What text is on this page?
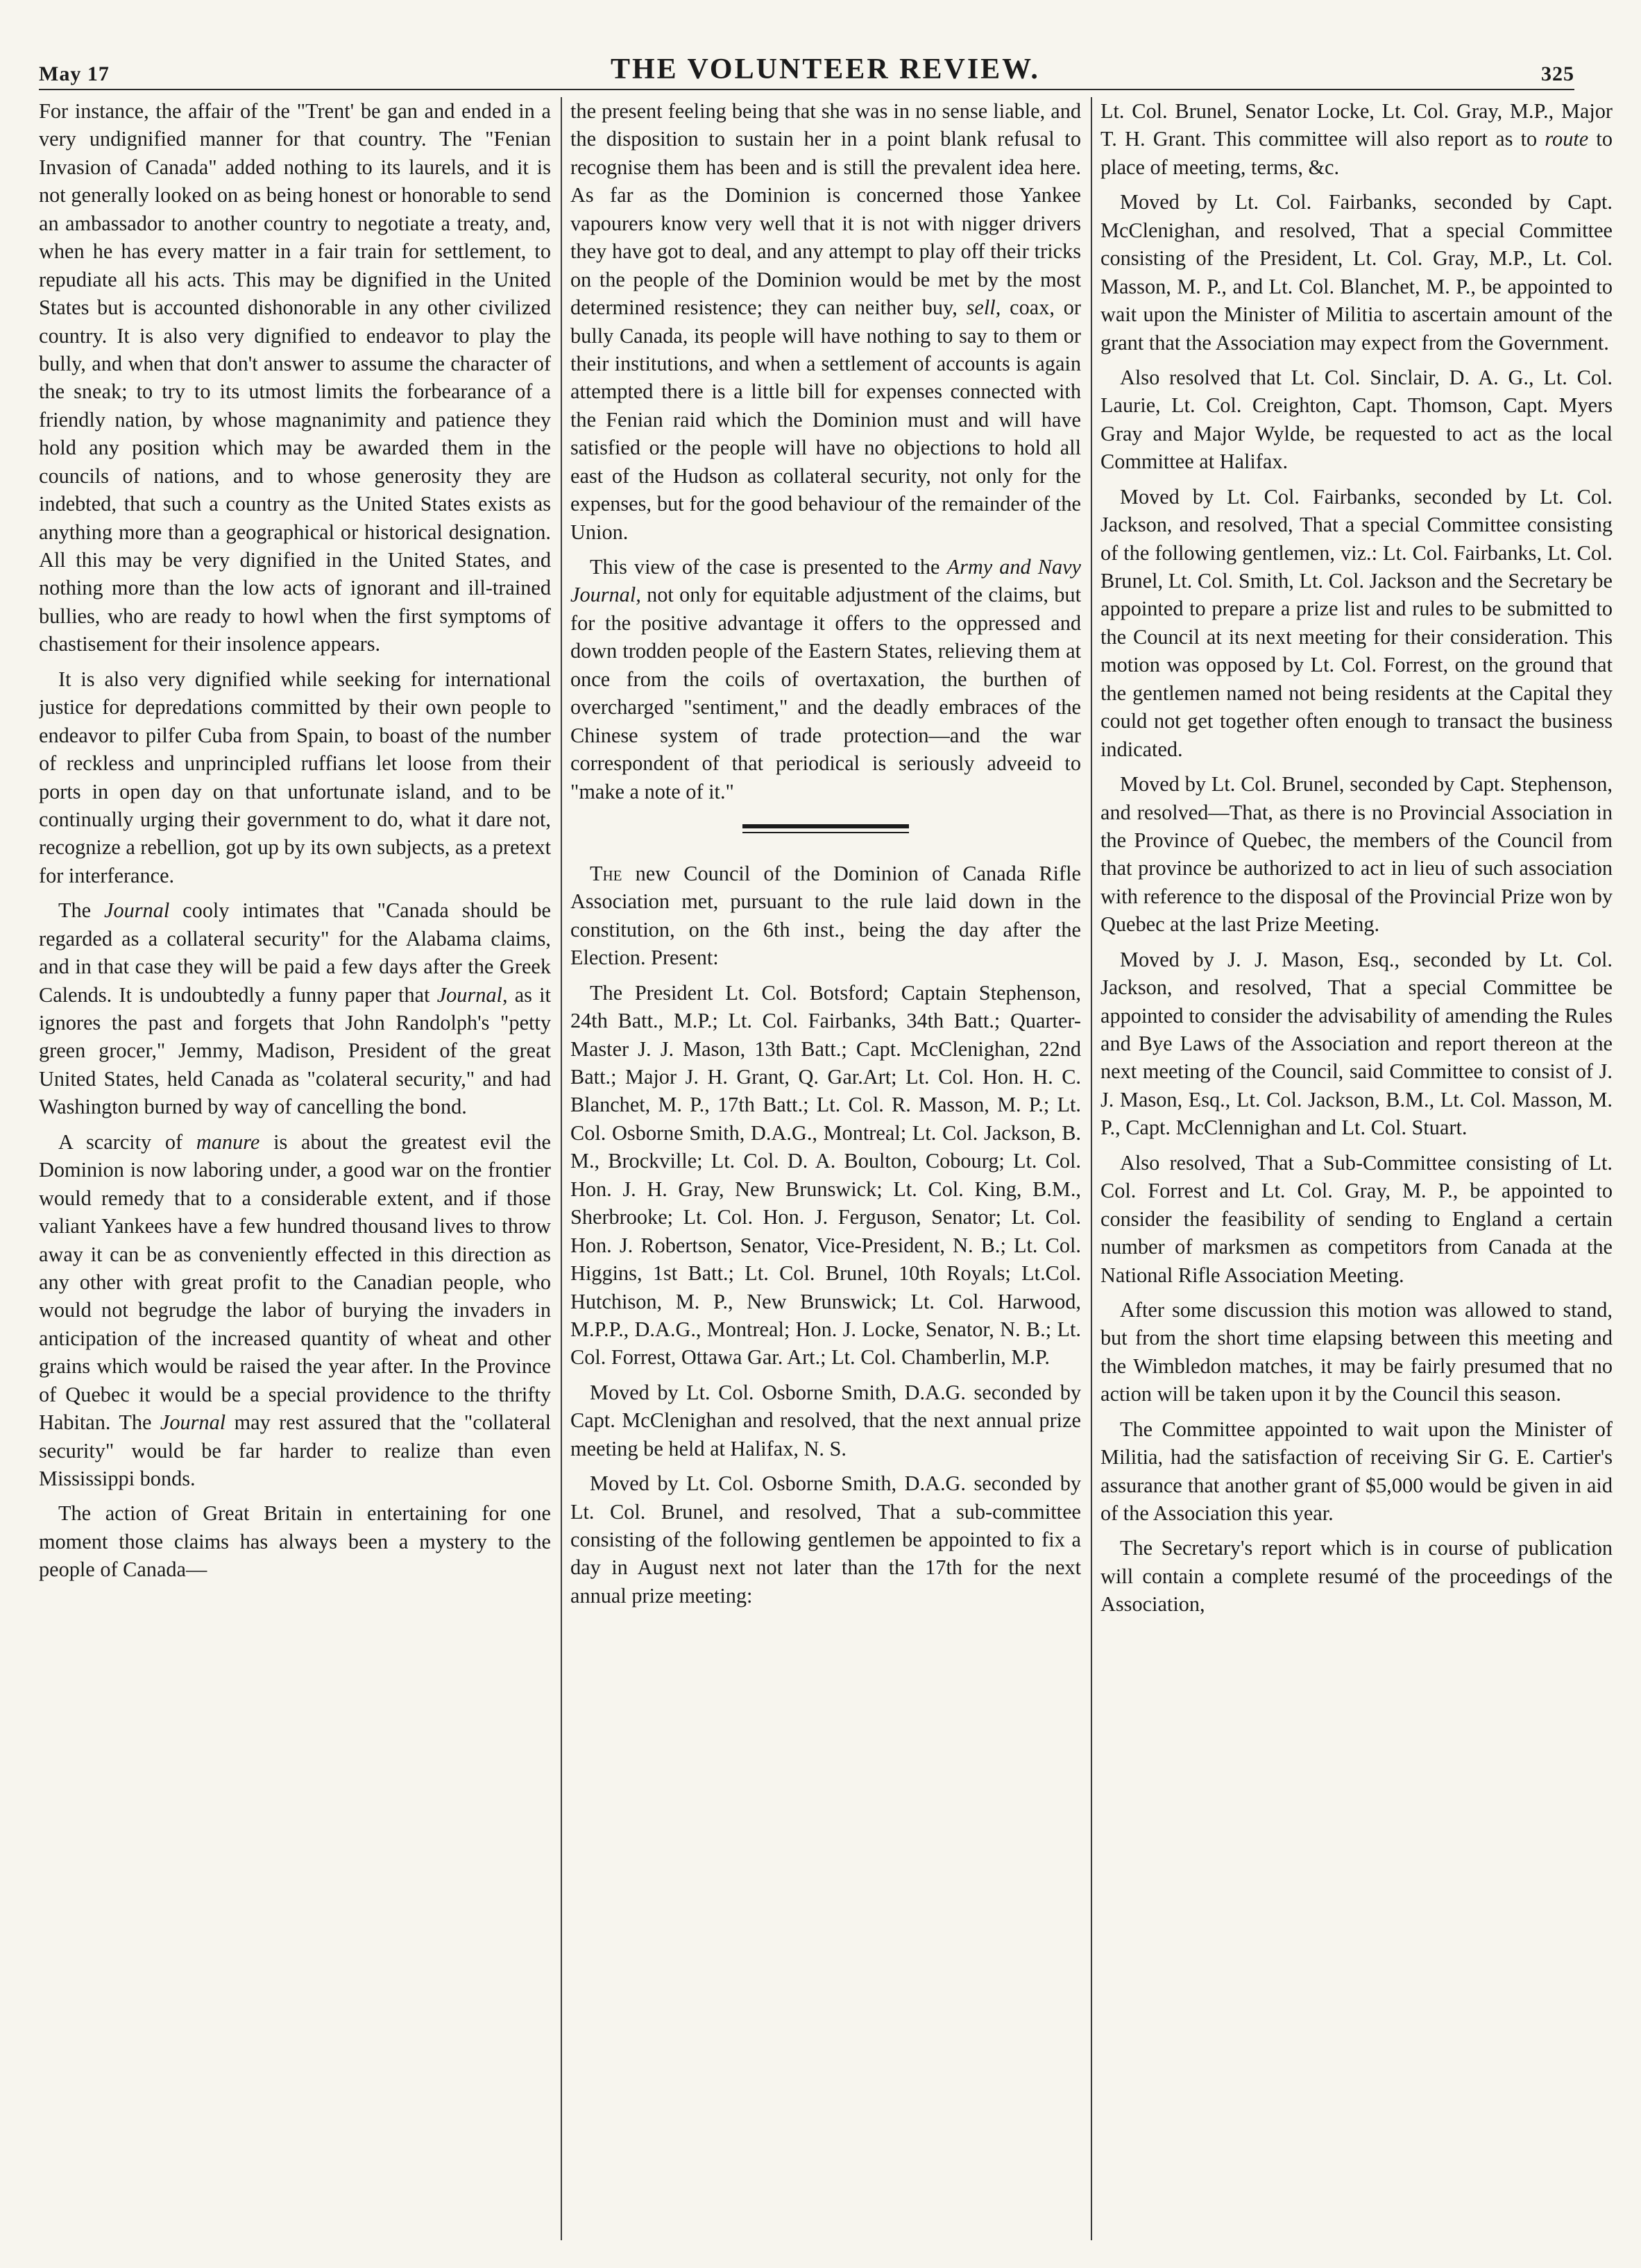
May 17	THE VOLUNTEER REVIEW.	325

For instance, the affair of the "Trent' be gan and ended in a very undignified manner for that country. The "Fenian Invasion of Canada" added nothing to its laurels, and it is not generally looked on as being honest or honorable to send an ambassador to another country to negotiate a treaty, and, when he has every matter in a fair train for settlement, to repudiate all his acts. This may be dignified in the United States but is accounted dishonorable in any other civilized country. It is also very dignified to endeavor to play the bully, and when that don't answer to assume the character of the sneak; to try to its utmost limits the forbearance of a friendly nation, by whose magnanimity and patience they hold any position which may be awarded them in the councils of nations, and to whose generosity they are indebted, that such a country as the United States exists as anything more than a geographical or historical designation. All this may be very dignified in the United States, and nothing more than the low acts of ignorant and ill-trained bullies, who are ready to howl when the first symptoms of chastisement for their insolence appears.

It is also very dignified while seeking for international justice for depredations committed by their own people to endeavor to pilfer Cuba from Spain, to boast of the number of reckless and unprincipled ruffians let loose from their ports in open day on that unfortunate island, and to be continually urging their government to do, what it dare not, recognize a rebellion, got up by its own subjects, as a pretext for interferance.

The Journal cooly intimates that "Canada should be regarded as a collateral security" for the Alabama claims, and in that case they will be paid a few days after the Greek Calends. It is undoubtedly a funny paper that Journal, as it ignores the past and forgets that John Randolph's "petty green grocer," Jemmy, Madison, President of the great United States, held Canada as "colateral security," and had Washington burned by way of cancelling the bond.

A scarcity of manure is about the greatest evil the Dominion is now laboring under, a good war on the frontier would remedy that to a considerable extent, and if those valiant Yankees have a few hundred thousand lives to throw away it can be as conveniently effected in this direction as any other with great profit to the Canadian people, who would not begrudge the labor of burying the invaders in anticipation of the increased quantity of wheat and other grains which would be raised the year after. In the Province of Quebec it would be a special providence to the thrifty Habitan. The Journal may rest assured that the "collateral security" would be far harder to realize than even Mississippi bonds.

The action of Great Britain in entertaining for one moment those claims has always been a mystery to the people of Canada—

the present feeling being that she was in no sense liable, and the disposition to sustain her in a point blank refusal to recognise them has been and is still the prevalent idea here. As far as the Dominion is concerned those Yankee vapourers know very well that it is not with nigger drivers they have got to deal, and any attempt to play off their tricks on the people of the Dominion would be met by the most determined resistence; they can neither buy, sell, coax, or bully Canada, its people will have nothing to say to them or their institutions, and when a settlement of accounts is again attempted there is a little bill for expenses connected with the Fenian raid which the Dominion must and will have satisfied or the people will have no objections to hold all east of the Hudson as collateral security, not only for the expenses, but for the good behaviour of the remainder of the Union.

This view of the case is presented to the Army and Navy Journal, not only for equitable adjustment of the claims, but for the positive advantage it offers to the oppressed and down trodden people of the Eastern States, relieving them at once from the coils of overtaxation, the burthen of overcharged "sentiment," and the deadly embraces of the Chinese system of trade protection—and the war correspondent of that periodical is seriously adveeid to "make a note of it."

The new Council of the Dominion of Canada Rifle Association met, pursuant to the rule laid down in the constitution, on the 6th inst., being the day after the Election. Present:

The President Lt. Col. Botsford; Captain Stephenson, 24th Batt., M.P.; Lt. Col. Fairbanks, 34th Batt.; Quarter-Master J. J. Mason, 13th Batt.; Capt. McClenighan, 22nd Batt.; Major J. H. Grant, Q. Gar.Art; Lt. Col. Hon. H. C. Blanchet, M. P., 17th Batt.; Lt. Col. R. Masson, M. P.; Lt. Col. Osborne Smith, D.A.G., Montreal; Lt. Col. Jackson, B. M., Brockville; Lt. Col. D. A. Boulton, Cobourg; Lt. Col. Hon. J. H. Gray, New Brunswick; Lt. Col. King, B.M., Sherbrooke; Lt. Col. Hon. J. Ferguson, Senator; Lt. Col. Hon. J. Robertson, Senator, Vice-President, N. B.; Lt. Col. Higgins, 1st Batt.; Lt. Col. Brunel, 10th Royals; Lt.Col. Hutchison, M. P., New Brunswick; Lt. Col. Harwood, M.P.P., D.A.G., Montreal; Hon. J. Locke, Senator, N. B.; Lt. Col. Forrest, Ottawa Gar. Art.; Lt. Col. Chamberlin, M.P.

Moved by Lt. Col. Osborne Smith, D.A.G. seconded by Capt. McClenighan and resolved, that the next annual prize meeting be held at Halifax, N. S.

Moved by Lt. Col. Osborne Smith, D.A.G. seconded by Lt. Col. Brunel, and resolved, That a sub-committee consisting of the following gentlemen be appointed to fix a day in August next not later than the 17th for the next annual prize meeting:

Lt. Col. Brunel, Senator Locke, Lt. Col. Gray, M.P., Major T. H. Grant. This committee will also report as to route to place of meeting, terms, &c.

Moved by Lt. Col. Fairbanks, seconded by Capt. McClenighan, and resolved, That a special Committee consisting of the President, Lt. Col. Gray, M.P., Lt. Col. Masson, M. P., and Lt. Col. Blanchet, M. P., be appointed to wait upon the Minister of Militia to ascertain amount of the grant that the Association may expect from the Government.

Also resolved that Lt. Col. Sinclair, D. A. G., Lt. Col. Laurie, Lt. Col. Creighton, Capt. Thomson, Capt. Myers Gray and Major Wylde, be requested to act as the local Committee at Halifax.

Moved by Lt. Col. Fairbanks, seconded by Lt. Col. Jackson, and resolved, That a special Committee consisting of the following gentlemen, viz.: Lt. Col. Fairbanks, Lt. Col. Brunel, Lt. Col. Smith, Lt. Col. Jackson and the Secretary be appointed to prepare a prize list and rules to be submitted to the Council at its next meeting for their consideration. This motion was opposed by Lt. Col. Forrest, on the ground that the gentlemen named not being residents at the Capital they could not get together often enough to transact the business indicated.

Moved by Lt. Col. Brunel, seconded by Capt. Stephenson, and resolved—That, as there is no Provincial Association in the Province of Quebec, the members of the Council from that province be authorized to act in lieu of such association with reference to the disposal of the Provincial Prize won by Quebec at the last Prize Meeting.

Moved by J. J. Mason, Esq., seconded by Lt. Col. Jackson, and resolved, That a special Committee be appointed to consider the advisability of amending the Rules and Bye Laws of the Association and report thereon at the next meeting of the Council, said Committee to consist of J. J. Mason, Esq., Lt. Col. Jackson, B.M., Lt. Col. Masson, M. P., Capt. McClennighan and Lt. Col. Stuart.

Also resolved, That a Sub-Committee consisting of Lt. Col. Forrest and Lt. Col. Gray, M. P., be appointed to consider the feasibility of sending to England a certain number of marksmen as competitors from Canada at the National Rifle Association Meeting.

After some discussion this motion was allowed to stand, but from the short time elapsing between this meeting and the Wimbledon matches, it may be fairly presumed that no action will be taken upon it by the Council this season.

The Committee appointed to wait upon the Minister of Militia, had the satisfaction of receiving Sir G. E. Cartier's assurance that another grant of $5,000 would be given in aid of the Association this year.

The Secretary's report which is in course of publication will contain a complete resumé of the proceedings of the Association,
